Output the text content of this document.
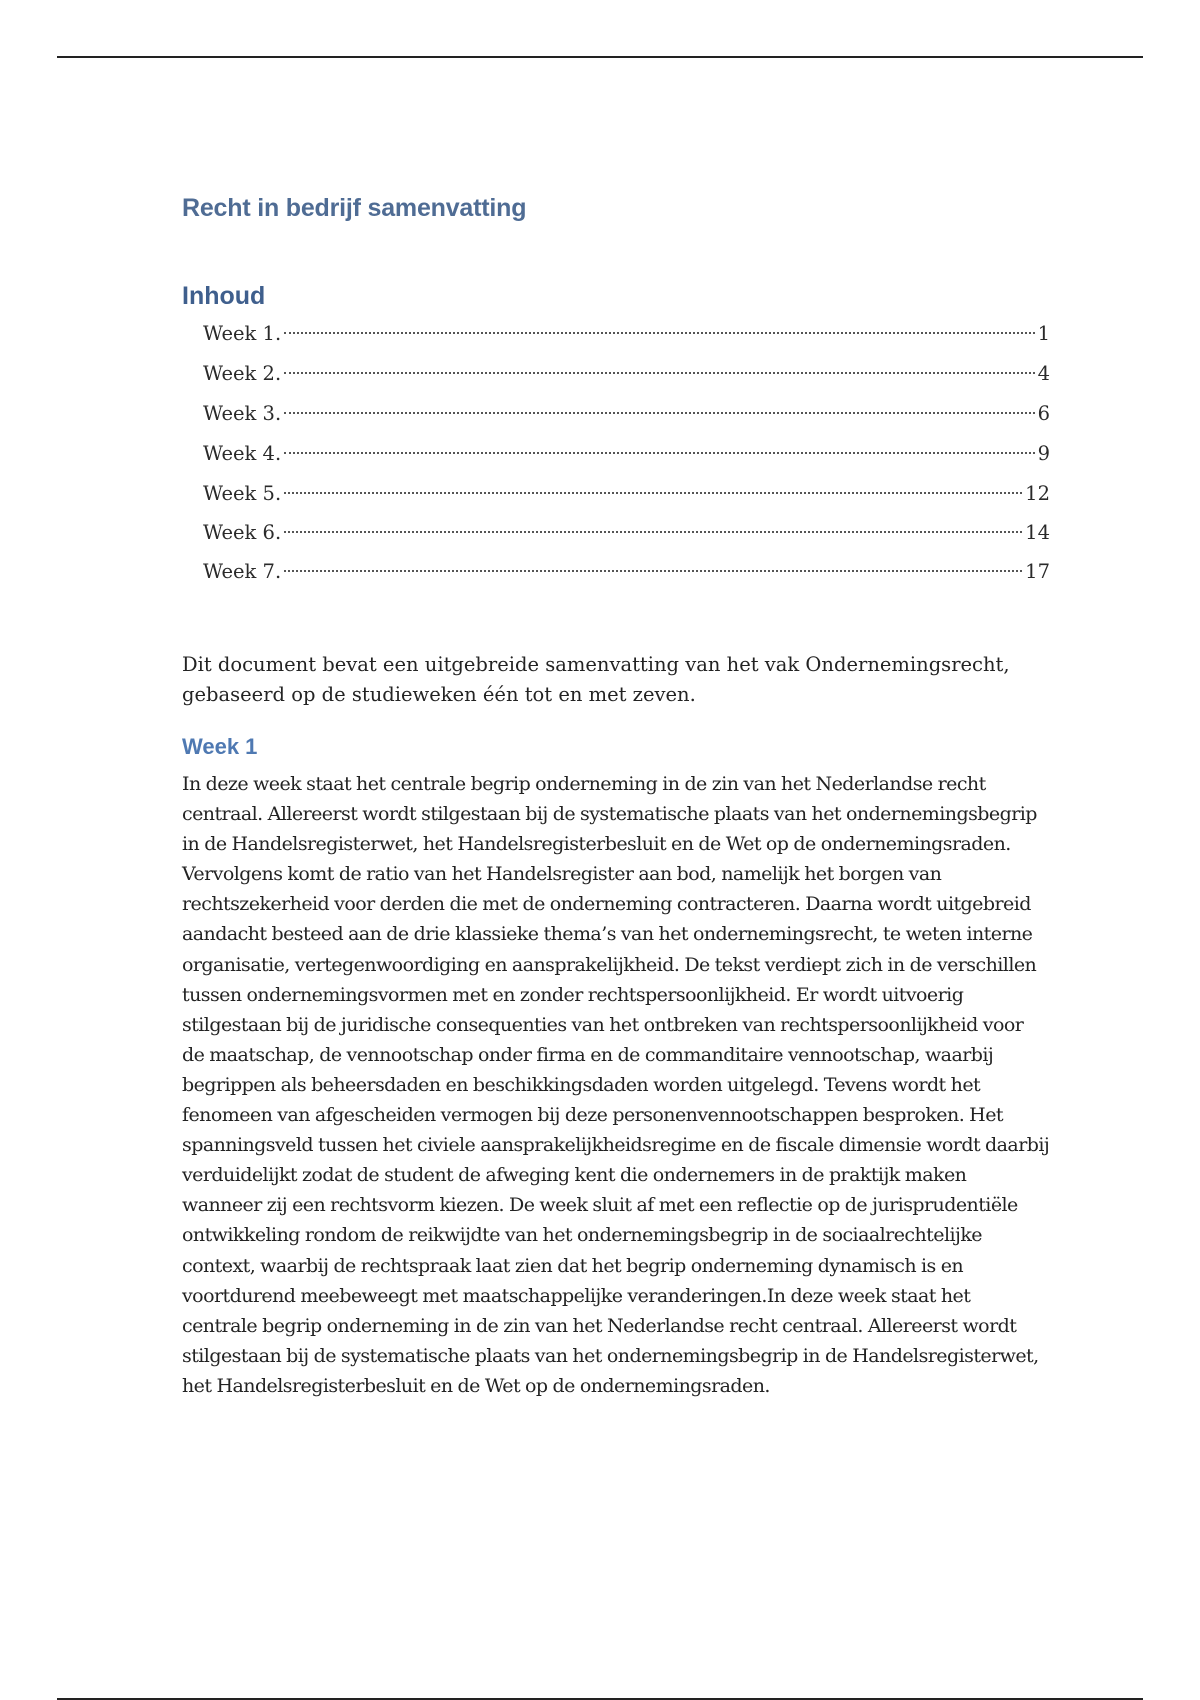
Recht in bedrijf samenvatting
Inhoud
Week 1.	1
Week 2.	4
Week 3.	6
Week 4.	9
Week 5.	12
Week 6.	14
Week 7.	17

Dit document bevat een uitgebreide samenvatting van het vak Ondernemingsrecht, gebaseerd op de studieweken één tot en met zeven.

Week 1

In deze week staat het centrale begrip onderneming in de zin van het Nederlandse recht centraal. Allereerst wordt stilgestaan bij de systematische plaats van het ondernemingsbegrip in de Handelsregisterwet, het Handelsregisterbesluit en de Wet op de ondernemingsraden. Vervolgens komt de ratio van het Handelsregister aan bod, namelijk het borgen van rechtszekerheid voor derden die met de onderneming contracteren. Daarna wordt uitgebreid aandacht besteed aan de drie klassieke thema’s van het ondernemingsrecht, te weten interne organisatie, vertegenwoordiging en aansprakelijkheid. De tekst verdiept zich in de verschillen tussen ondernemingsvormen met en zonder rechtspersoonlijkheid. Er wordt uitvoerig stilgestaan bij de juridische consequenties van het ontbreken van rechtspersoonlijkheid voor de maatschap, de vennootschap onder firma en de commanditaire vennootschap, waarbij begrippen als beheersdaden en beschikkingsdaden worden uitgelegd. Tevens wordt het fenomeen van afgescheiden vermogen bij deze personenvennootschappen besproken. Het spanningsveld tussen het civiele aansprakelijkheidsregime en de fiscale dimensie wordt daarbij verduidelijkt zodat de student de afweging kent die ondernemers in de praktijk maken wanneer zij een rechtsvorm kiezen. De week sluit af met een reflectie op de jurisprudentiële ontwikkeling rondom de reikwijdte van het ondernemingsbegrip in de sociaalrechtelijke context, waarbij de rechtspraak laat zien dat het begrip onderneming dynamisch is en voortdurend meebeweegt met maatschappelijke veranderingen.In deze week staat het centrale begrip onderneming in de zin van het Nederlandse recht centraal. Allereerst wordt stilgestaan bij de systematische plaats van het ondernemingsbegrip in de Handelsregisterwet, het Handelsregisterbesluit en de Wet op de ondernemingsraden.
